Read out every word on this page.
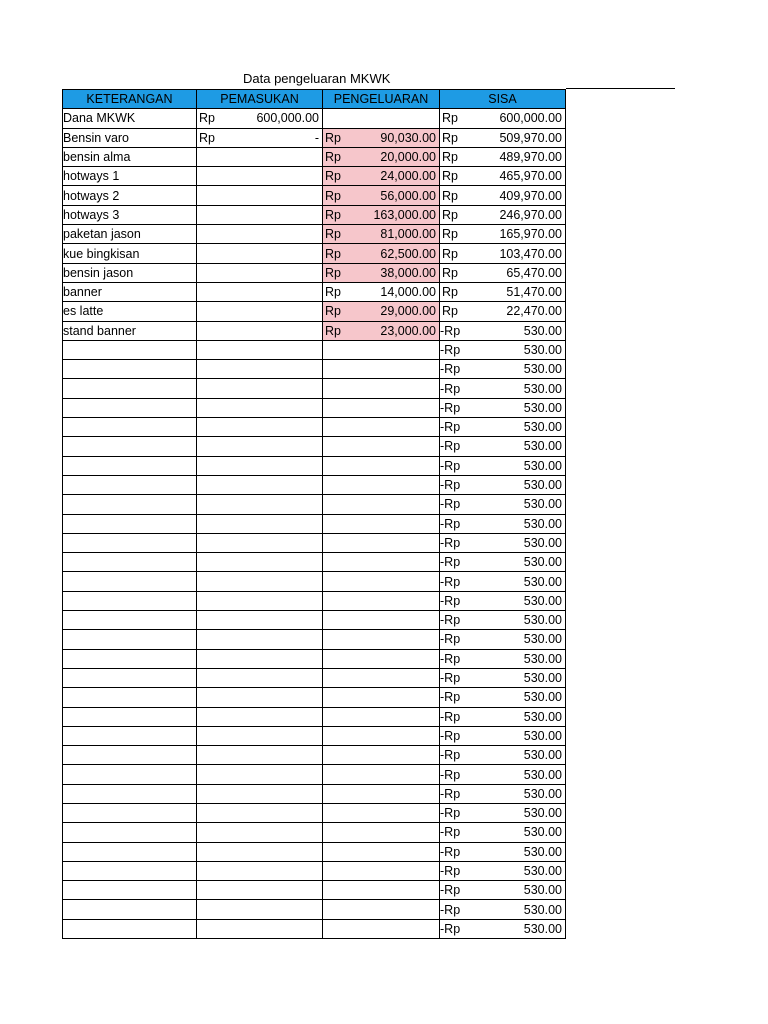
Data pengeluaran MKWK
KETERANGAN	PEMASUKAN	PENGELUARAN	SISA
Dana MKWK	Rp 600,000.00		Rp 600,000.00

Bensin varo	Rp -	Rp 90,030.00	Rp 509,970.00

bensin alma		Rp 20,000.00	Rp 489,970.00

hotways 1		Rp 24,000.00	Rp 465,970.00

hotways 2		Rp 56,000.00	Rp 409,970.00

hotways 3		Rp 163,000.00	Rp 246,970.00

paketan jason		Rp 81,000.00	Rp 165,970.00

kue bingkisan		Rp 62,500.00	Rp 103,470.00

bensin jason		Rp 38,000.00	Rp 65,470.00

banner		Rp 14,000.00	Rp 51,470.00

es latte		Rp 29,000.00	Rp 22,470.00

stand banner		Rp 23,000.00	-Rp 530.00

			-Rp 530.00

			-Rp 530.00

			-Rp 530.00

			-Rp 530.00

			-Rp 530.00

			-Rp 530.00

			-Rp 530.00

			-Rp 530.00

			-Rp 530.00

			-Rp 530.00

			-Rp 530.00

			-Rp 530.00

			-Rp 530.00

			-Rp 530.00

			-Rp 530.00

			-Rp 530.00

			-Rp 530.00

			-Rp 530.00

			-Rp 530.00

			-Rp 530.00

			-Rp 530.00

			-Rp 530.00

			-Rp 530.00

			-Rp 530.00

			-Rp 530.00

			-Rp 530.00

			-Rp 530.00

			-Rp 530.00

			-Rp 530.00

			-Rp 530.00

			-Rp 530.00
